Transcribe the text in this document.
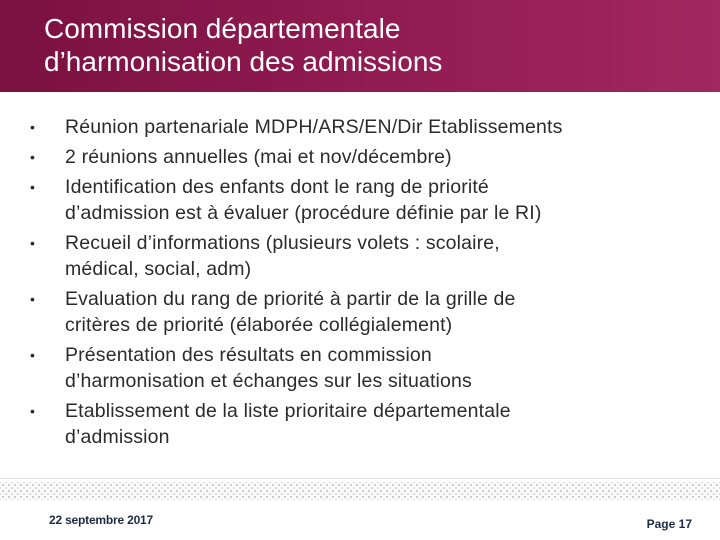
Commission départementale
d’harmonisation des admissions
• Réunion partenariale MDPH/ARS/EN/Dir Etablissements
• 2 réunions annuelles (mai et nov/décembre)
• Identification des enfants dont le rang de priorité
d’admission est à évaluer (procédure définie par le RI)
• Recueil d’informations (plusieurs volets : scolaire,
médical, social, adm)
• Evaluation du rang de priorité à partir de la grille de
critères de priorité (élaborée collégialement)
• Présentation des résultats en commission
d’harmonisation et échanges sur les situations
• Etablissement de la liste prioritaire départementale
d’admission
22 septembre 2017	Page 17
